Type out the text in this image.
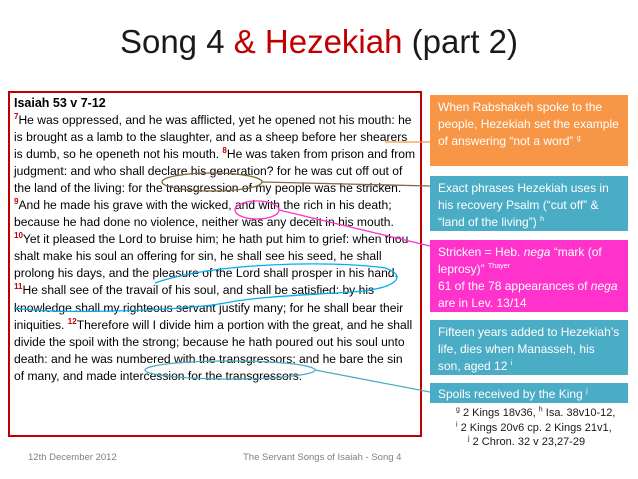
Song 4 & Hezekiah (part 2)
Isaiah 53 v 7-12
$^7$He was oppressed, and he was afflicted, yet he opened not his mouth: he is brought as a lamb to the slaughter, and as a sheep before her shearers is dumb, so he openeth not his mouth. $^8$He was taken from prison and from judgment: and who shall declare his generation? for he was cut off out of the land of the living: for the transgression of my people was he stricken. $^9$And he made his grave with the wicked, and with the rich in his death; because he had done no violence, neither was any deceit in his mouth. $^{10}$Yet it pleased the Lord to bruise him; he hath put him to grief: when thou shalt make his soul an offering for sin, he shall see his seed, he shall prolong his days, and the pleasure of the Lord shall prosper in his hand. $^{11}$He shall see of the travail of his soul, and shall be satisfied: by his knowledge shall my righteous servant justify many; for he shall bear their iniquities. $^{12}$Therefore will I divide him a portion with the great, and he shall divide the spoil with the strong; because he hath poured out his soul unto death: and he was numbered with the transgressors; and he bare the sin of many, and made intercession for the transgressors.
When Rabshakeh spoke to the people, Hezekiah set the example of answering “not a word” $^g$
Exact phrases Hezekiah uses in his recovery Psalm (“cut off” & “land of the living”) $^h$
Stricken = Heb. nega “mark (of leprosy)” $^{Thayer}$
61 of the 78 appearances of nega are in Lev. 13/14
Fifteen years added to Hezekiah’s life, dies when Manasseh, his son, aged 12 $^i$
Spoils received by the King $^j$
$^g$ 2 Kings 18v36, $^h$ Isa. 38v10-12,
$^i$ 2 Kings 20v6 cp. 2 Kings 21v1,
$^j$ 2 Chron. 32 v 23,27-29
12th December 2012	The Servant Songs of Isaiah - Song 4
